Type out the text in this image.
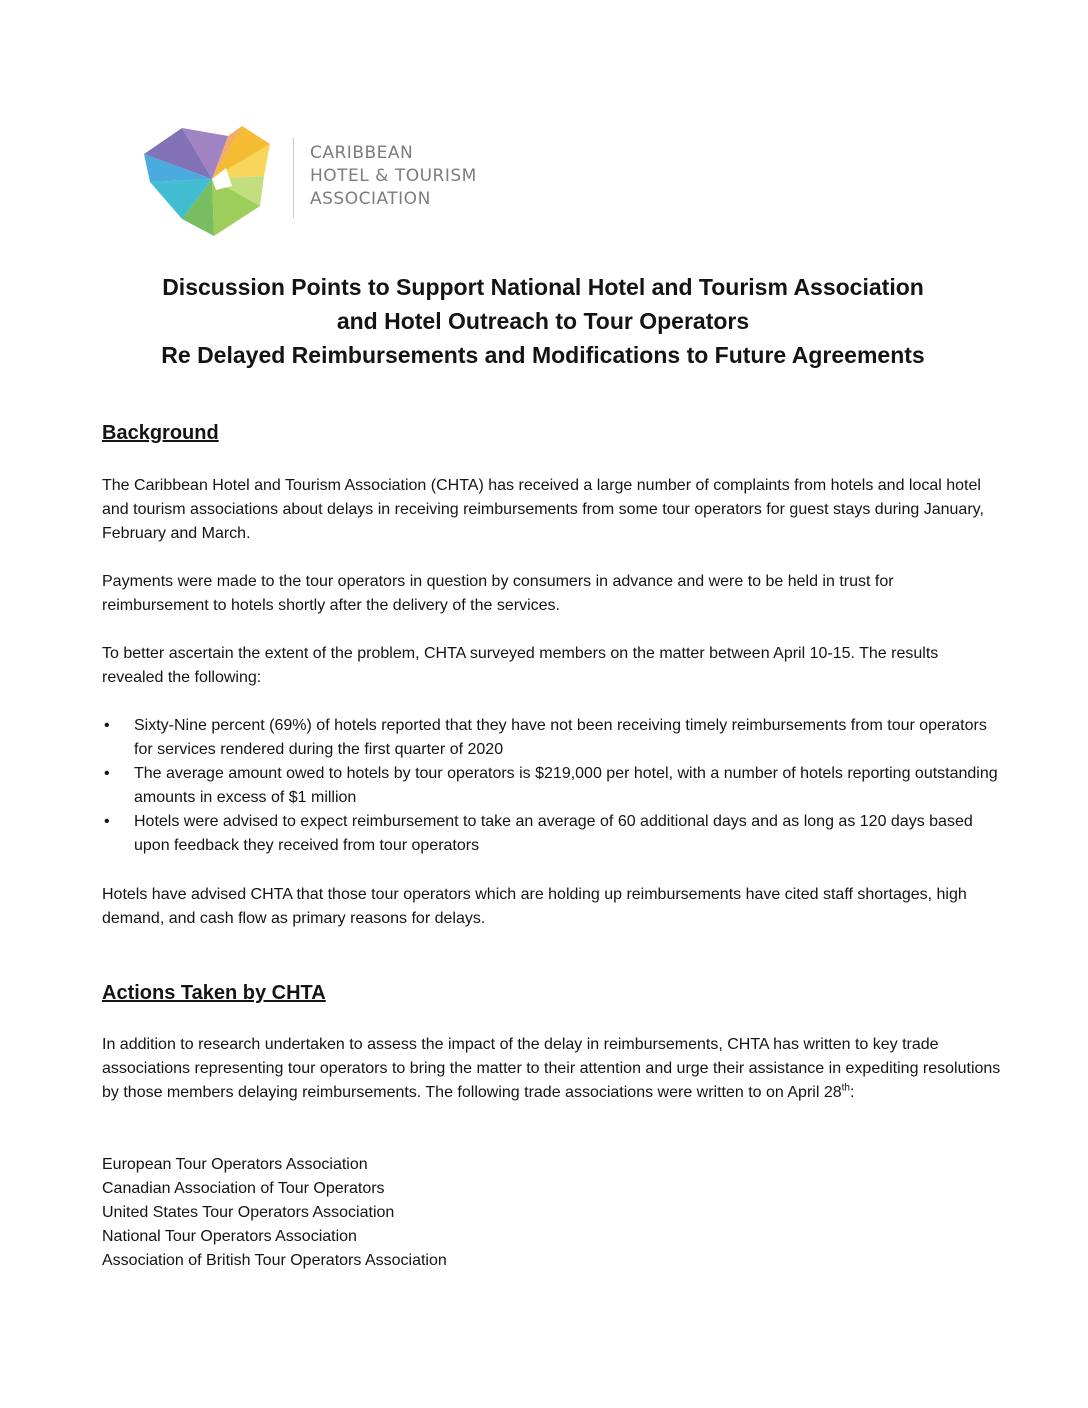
CARIBBEAN
HOTEL & TOURISM
ASSOCIATION
Discussion Points to Support National Hotel and Tourism Association
and Hotel Outreach to Tour Operators
Re Delayed Reimbursements and Modifications to Future Agreements
Background

The Caribbean Hotel and Tourism Association (CHTA) has received a large number of complaints from hotels and local hotel and tourism associations about delays in receiving reimbursements from some tour operators for guest stays during January, February and March.

Payments were made to the tour operators in question by consumers in advance and were to be held in trust for reimbursement to hotels shortly after the delivery of the services.

To better ascertain the extent of the problem, CHTA surveyed members on the matter between April 10-15. The results revealed the following:

• Sixty-Nine percent (69%) of hotels reported that they have not been receiving timely reimbursements from tour operators for services rendered during the first quarter of 2020
• The average amount owed to hotels by tour operators is $219,000 per hotel, with a number of hotels reporting outstanding amounts in excess of $1 million
• Hotels were advised to expect reimbursement to take an average of 60 additional days and as long as 120 days based upon feedback they received from tour operators

Hotels have advised CHTA that those tour operators which are holding up reimbursements have cited staff shortages, high demand, and cash flow as primary reasons for delays.

Actions Taken by CHTA

In addition to research undertaken to assess the impact of the delay in reimbursements, CHTA has written to key trade associations representing tour operators to bring the matter to their attention and urge their assistance in expediting resolutions by those members delaying reimbursements. The following trade associations were written to on April 28th:

European Tour Operators Association
Canadian Association of Tour Operators
United States Tour Operators Association
National Tour Operators Association
Association of British Tour Operators Association
